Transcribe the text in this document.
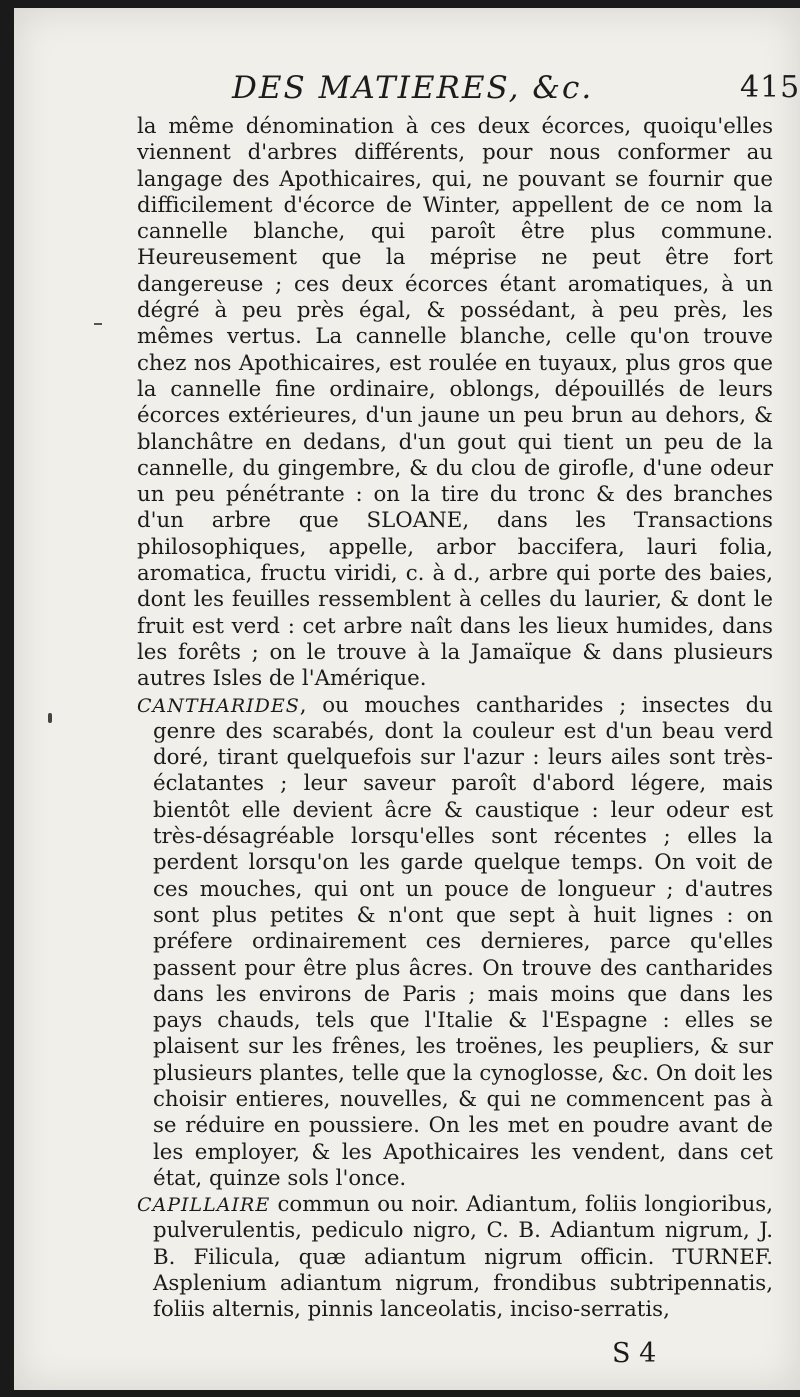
DES MATIERES, &c.	415

la même dénomination à ces deux écorces, quoiqu'elles viennent d'arbres différents, pour nous conformer au langage des Apothicaires, qui, ne pouvant se fournir que difficilement d'écorce de Winter, appellent de ce nom la cannelle blanche, qui paroît être plus commune. Heureusement que la méprise ne peut être fort dangereuse ; ces deux écorces étant aromatiques, à un dégré à peu près égal, & possédant, à peu près, les mêmes vertus. La cannelle blanche, celle qu'on trouve chez nos Apothicaires, est roulée en tuyaux, plus gros que la cannelle fine ordinaire, oblongs, dépouillés de leurs écorces extérieures, d'un jaune un peu brun au dehors, & blanchâtre en dedans, d'un gout qui tient un peu de la cannelle, du gingembre, & du clou de girofle, d'une odeur un peu pénétrante : on la tire du tronc & des branches d'un arbre que SLOANE, dans les Transactions philosophiques, appelle, arbor baccifera, lauri folia, aromatica, fructu viridi, c. à d., arbre qui porte des baies, dont les feuilles ressemblent à celles du laurier, & dont le fruit est verd : cet arbre naît dans les lieux humides, dans les forêts ; on le trouve à la Jamaïque & dans plusieurs autres Isles de l'Amérique.

CANTHARIDES, ou mouches cantharides ; insectes du genre des scarabés, dont la couleur est d'un beau verd doré, tirant quelquefois sur l'azur : leurs ailes sont très-éclatantes ; leur saveur paroît d'abord légere, mais bientôt elle devient âcre & caustique : leur odeur est très-désagréable lorsqu'elles sont récentes ; elles la perdent lorsqu'on les garde quelque temps. On voit de ces mouches, qui ont un pouce de longueur ; d'autres sont plus petites & n'ont que sept à huit lignes : on préfere ordinairement ces dernieres, parce qu'elles passent pour être plus âcres. On trouve des cantharides dans les environs de Paris ; mais moins que dans les pays chauds, tels que l'Italie & l'Espagne : elles se plaisent sur les frênes, les troënes, les peupliers, & sur plusieurs plantes, telle que la cynoglosse, &c. On doit les choisir entieres, nouvelles, & qui ne commencent pas à se réduire en poussiere. On les met en poudre avant de les employer, & les Apothicaires les vendent, dans cet état, quinze sols l'once.

CAPILLAIRE commun ou noir. Adiantum, foliis longioribus, pulverulentis, pediculo nigro, C. B. Adiantum nigrum, J. B. Filicula, quæ adiantum nigrum officin. TURNEF. Asplenium adiantum nigrum, frondibus subtripennatis, foliis alternis, pinnis lanceolatis, inciso-serratis,

S 4
